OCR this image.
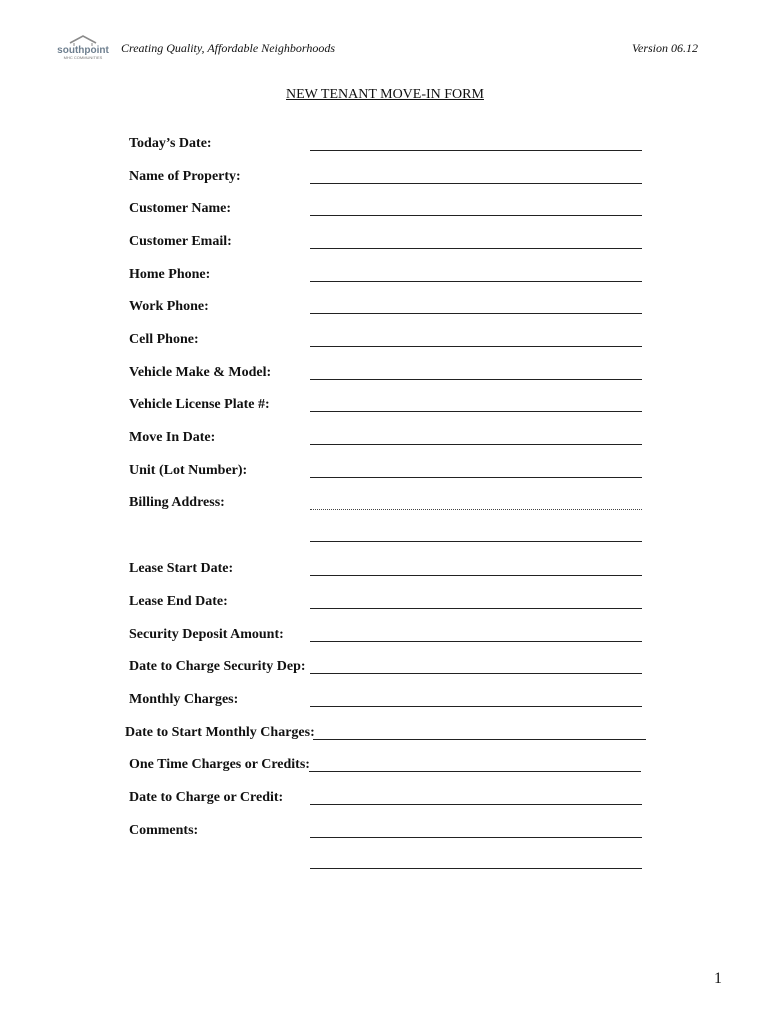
southpoint
MHC COMMUNITIES
Creating Quality, Affordable Neighborhoods	Version 06.12
NEW TENANT MOVE-IN FORM
Today’s Date:
Name of Property:
Customer Name:
Customer Email:
Home Phone:
Work Phone:
Cell Phone:
Vehicle Make & Model:
Vehicle License Plate #:
Move In Date:
Unit (Lot Number):
Billing Address:
Lease Start Date:
Lease End Date:
Security Deposit Amount:
Date to Charge Security Dep:
Monthly Charges:
Date to Start Monthly Charges:
One Time Charges or Credits:
Date to Charge or Credit:
Comments:
1
